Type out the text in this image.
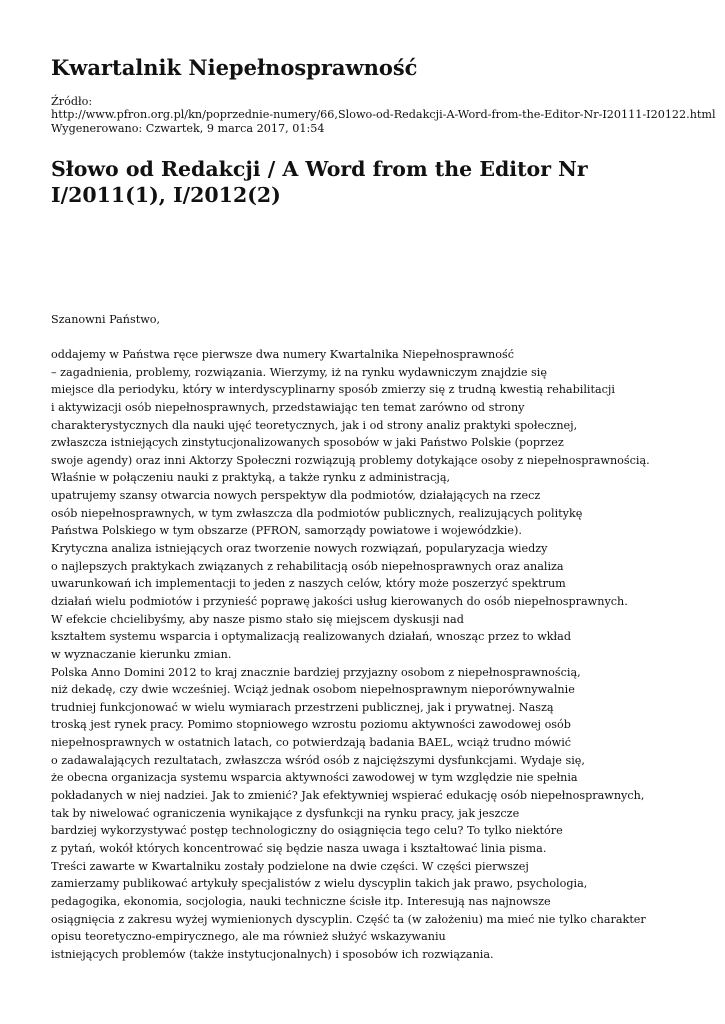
Kwartalnik Niepełnosprawność
Źródło:
http://www.pfron.org.pl/kn/poprzednie-numery/66,Slowo-od-Redakcji-A-Word-from-the-Editor-Nr-I20111-I20122.html
Wygenerowano: Czwartek, 9 marca 2017, 01:54
Słowo od Redakcji / A Word from the Editor Nr I/2011(1), I/2012(2)
Szanowni Państwo,
oddajemy w Państwa ręce pierwsze dwa numery Kwartalnika Niepełnosprawność
– zagadnienia, problemy, rozwiązania. Wierzymy, iż na rynku wydawniczym znajdzie się
miejsce dla periodyku, który w interdyscyplinarny sposób zmierzy się z trudną kwestią rehabilitacji
i aktywizacji osób niepełnosprawnych, przedstawiając ten temat zarówno od strony
charakterystycznych dla nauki ujęć teoretycznych, jak i od strony analiz praktyki społecznej,
zwłaszcza istniejących zinstytucjonalizowanych sposobów w jaki Państwo Polskie (poprzez
swoje agendy) oraz inni Aktorzy Społeczni rozwiązują problemy dotykające osoby z niepełnosprawnością.
Właśnie w połączeniu nauki z praktyką, a także rynku z administracją,
upatrujemy szansy otwarcia nowych perspektyw dla podmiotów, działających na rzecz
osób niepełnosprawnych, w tym zwłaszcza dla podmiotów publicznych, realizujących politykę
Państwa Polskiego w tym obszarze (PFRON, samorządy powiatowe i wojewódzkie).
Krytyczna analiza istniejących oraz tworzenie nowych rozwiązań, popularyzacja wiedzy
o najlepszych praktykach związanych z rehabilitacją osób niepełnosprawnych oraz analiza
uwarunkowań ich implementacji to jeden z naszych celów, który może poszerzyć spektrum
działań wielu podmiotów i przynieść poprawę jakości usług kierowanych do osób niepełnosprawnych.
W efekcie chcielibyśmy, aby nasze pismo stało się miejscem dyskusji nad
kształtem systemu wsparcia i optymalizacją realizowanych działań, wnosząc przez to wkład
w wyznaczanie kierunku zmian.
Polska Anno Domini 2012 to kraj znacznie bardziej przyjazny osobom z niepełnosprawnością,
niż dekadę, czy dwie wcześniej. Wciąż jednak osobom niepełnosprawnym nieporównywalnie
trudniej funkcjonować w wielu wymiarach przestrzeni publicznej, jak i prywatnej. Naszą
troską jest rynek pracy. Pomimo stopniowego wzrostu poziomu aktywności zawodowej osób
niepełnosprawnych w ostatnich latach, co potwierdzają badania BAEL, wciąż trudno mówić
o zadawalających rezultatach, zwłaszcza wśród osób z najcięższymi dysfunkcjami. Wydaje się,
że obecna organizacja systemu wsparcia aktywności zawodowej w tym względzie nie spełnia
pokładanych w niej nadziei. Jak to zmienić? Jak efektywniej wspierać edukację osób niepełnosprawnych,
tak by niwelować ograniczenia wynikające z dysfunkcji na rynku pracy, jak jeszcze
bardziej wykorzystywać postęp technologiczny do osiągnięcia tego celu? To tylko niektóre
z pytań, wokół których koncentrować się będzie nasza uwaga i kształtować linia pisma.
Treści zawarte w Kwartalniku zostały podzielone na dwie części. W części pierwszej
zamierzamy publikować artykuły specjalistów z wielu dyscyplin takich jak prawo, psychologia,
pedagogika, ekonomia, socjologia, nauki techniczne ścisłe itp. Interesują nas najnowsze
osiągnięcia z zakresu wyżej wymienionych dyscyplin. Część ta (w założeniu) ma mieć nie tylko charakter
opisu teoretyczno-empirycznego, ale ma również służyć wskazywaniu
istniejących problemów (także instytucjonalnych) i sposobów ich rozwiązania.
